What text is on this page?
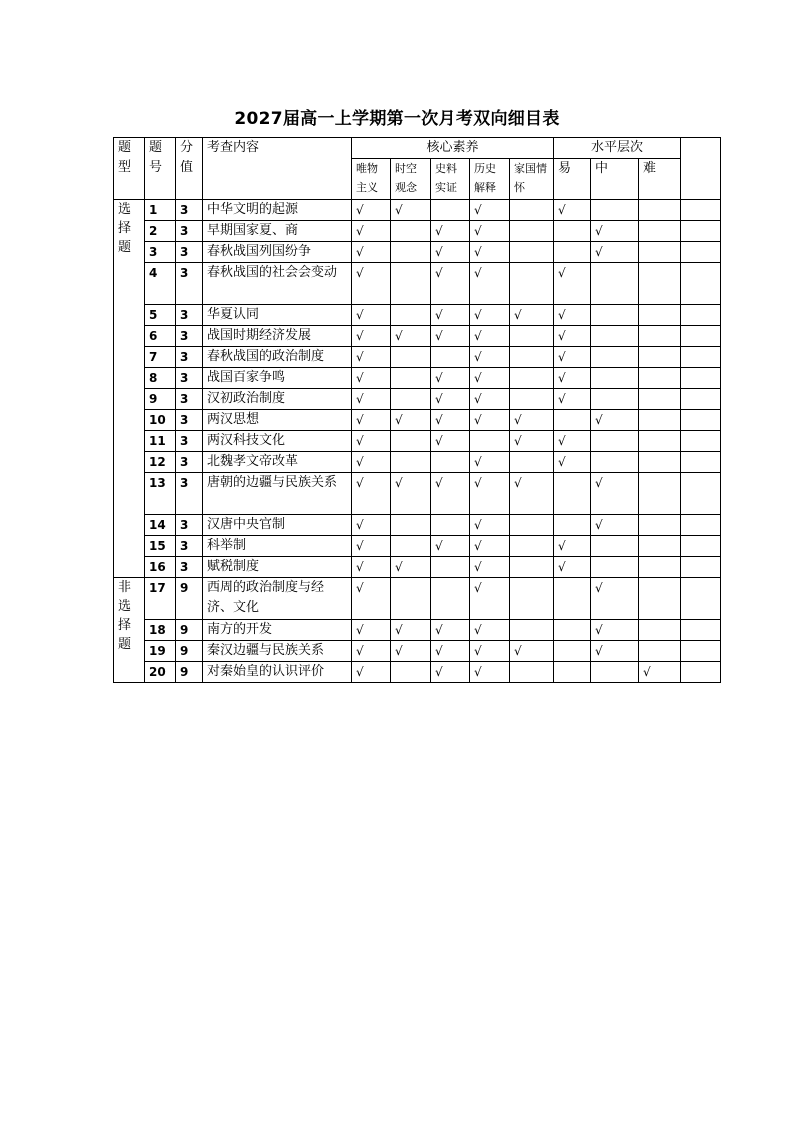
2027届高一上学期第一次月考双向细目表
题型	题号	分值	考查内容	核心素养					水平层次			
				唯物主义	时空观念	史料实证	历史解释	家国情怀	易	中	难	

选
择
题	1	3	中华文明的起源	√	√		√		√			
	2	3	早期国家夏、商	√		√	√			√		
	3	3	春秋战国列国纷争	√		√	√			√		
	4	3	春秋战国的社会会变动	√		√	√		√			
	5	3	华夏认同	√		√	√	√	√			
	6	3	战国时期经济发展	√	√	√	√		√			
	7	3	春秋战国的政治制度	√			√		√			
	8	3	战国百家争鸣	√		√	√		√			
	9	3	汉初政治制度	√		√	√		√			
	10	3	两汉思想	√	√	√	√	√		√		
	11	3	两汉科技文化	√		√		√	√			
	12	3	北魏孝文帝改革	√			√		√			
	13	3	唐朝的边疆与民族关系	√	√	√	√	√		√		
	14	3	汉唐中央官制	√			√			√		
	15	3	科举制	√		√	√		√			
	16	3	赋税制度	√	√		√		√			

非
选
择
题	17	9	西周的政治制度与经济、文化	√			√			√		
	18	9	南方的开发	√	√	√	√			√		
	19	9	秦汉边疆与民族关系	√	√	√	√	√		√		
	20	9	对秦始皇的认识评价	√		√	√				√	
